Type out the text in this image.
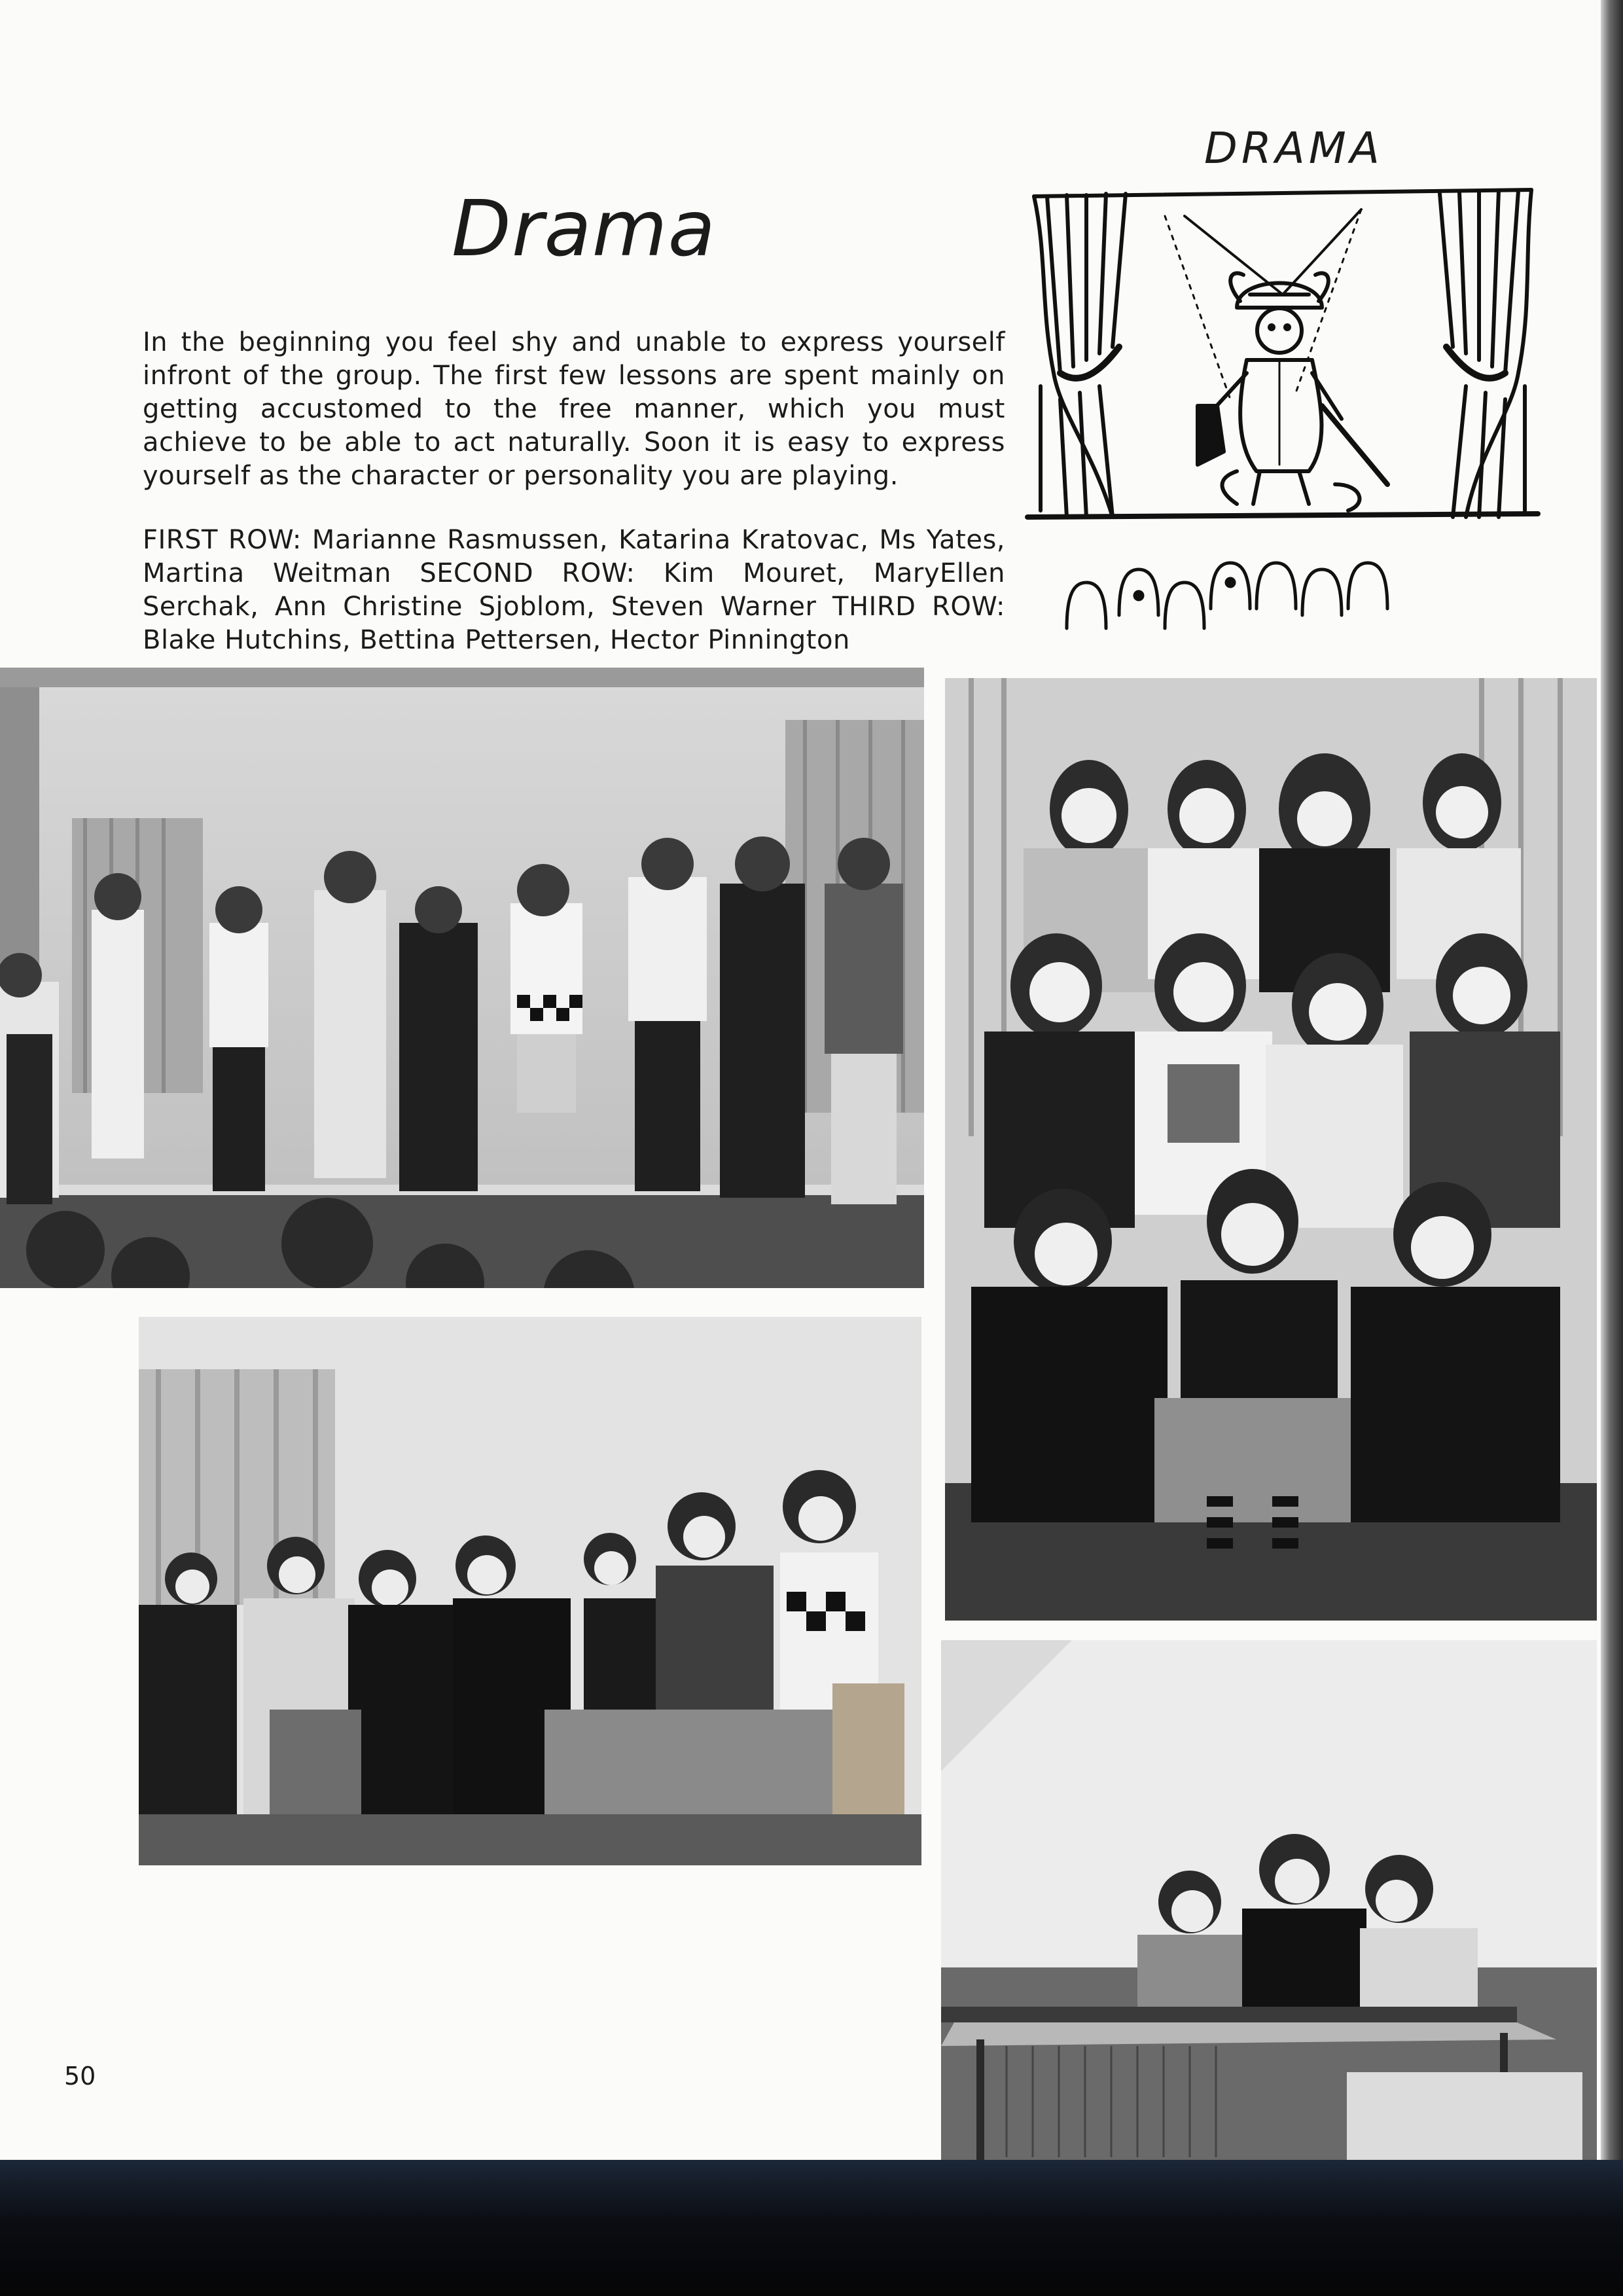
Drama

In the beginning you feel shy and unable to express yourself infront of the group. The first few lessons are spent mainly on getting accustomed to the free manner, which you must achieve to be able to act naturally. Soon it is easy to express yourself as the character or personality you are playing.

FIRST ROW: Marianne Rasmussen, Katarina Kratovac, Ms Yates, Martina Weitman SECOND ROW: Kim Mouret, MaryEllen Serchak, Ann Christine Sjoblom, Steven Warner THIRD ROW: Blake Hutchins, Bettina Pettersen, Hector Pinnington

DRAMA
50
